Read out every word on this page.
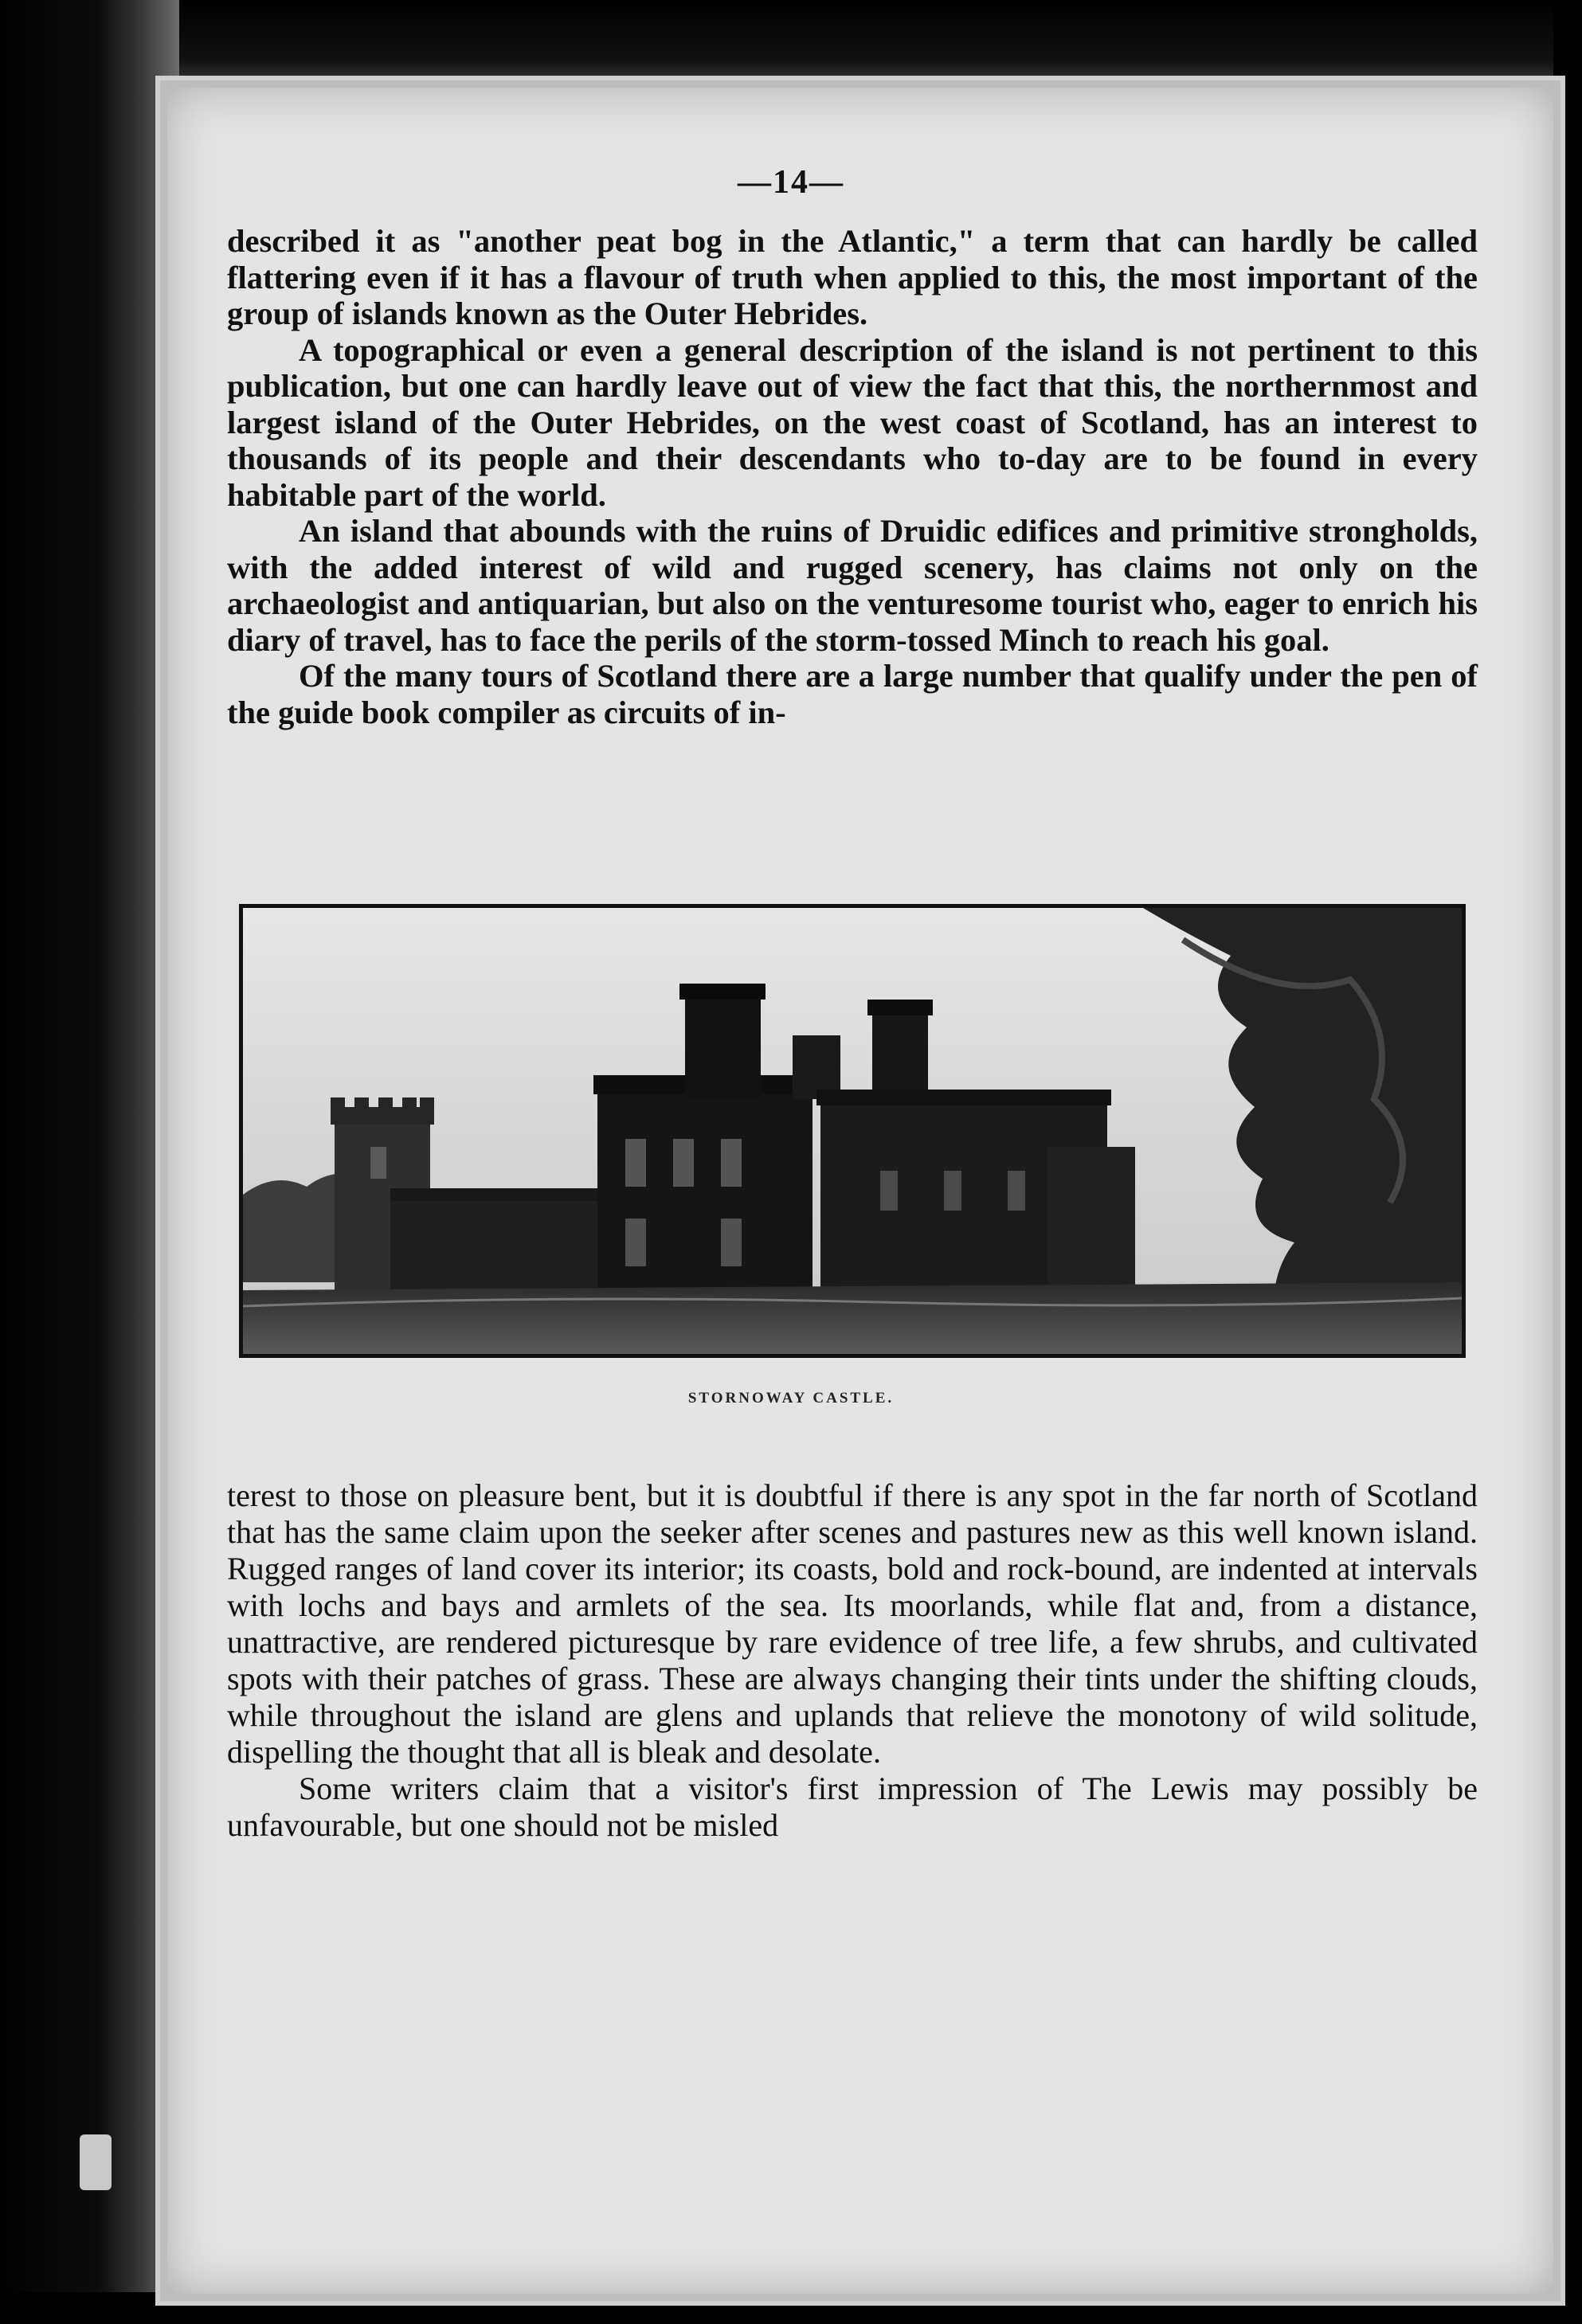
—14—

described it as "another peat bog in the Atlantic," a term that can hardly be called flattering even if it has a flavour of truth when applied to this, the most important of the group of islands known as the Outer Hebrides.

A topographical or even a general description of the island is not pertinent to this publication, but one can hardly leave out of view the fact that this, the northernmost and largest island of the Outer Hebrides, on the west coast of Scotland, has an interest to thousands of its people and their descendants who to-day are to be found in every habitable part of the world.

An island that abounds with the ruins of Druidic edifices and primitive strongholds, with the added interest of wild and rugged scenery, has claims not only on the archaeologist and antiquarian, but also on the venturesome tourist who, eager to enrich his diary of travel, has to face the perils of the storm-tossed Minch to reach his goal.

Of the many tours of Scotland there are a large number that qualify under the pen of the guide book compiler as circuits of in-

STORNOWAY CASTLE.

terest to those on pleasure bent, but it is doubtful if there is any spot in the far north of Scotland that has the same claim upon the seeker after scenes and pastures new as this well known island. Rugged ranges of land cover its interior; its coasts, bold and rock-bound, are indented at intervals with lochs and bays and armlets of the sea. Its moorlands, while flat and, from a distance, unattractive, are rendered picturesque by rare evidence of tree life, a few shrubs, and cultivated spots with their patches of grass. These are always changing their tints under the shifting clouds, while throughout the island are glens and uplands that relieve the monotony of wild solitude, dispelling the thought that all is bleak and desolate.

Some writers claim that a visitor's first impression of The Lewis may possibly be unfavourable, but one should not be misled
